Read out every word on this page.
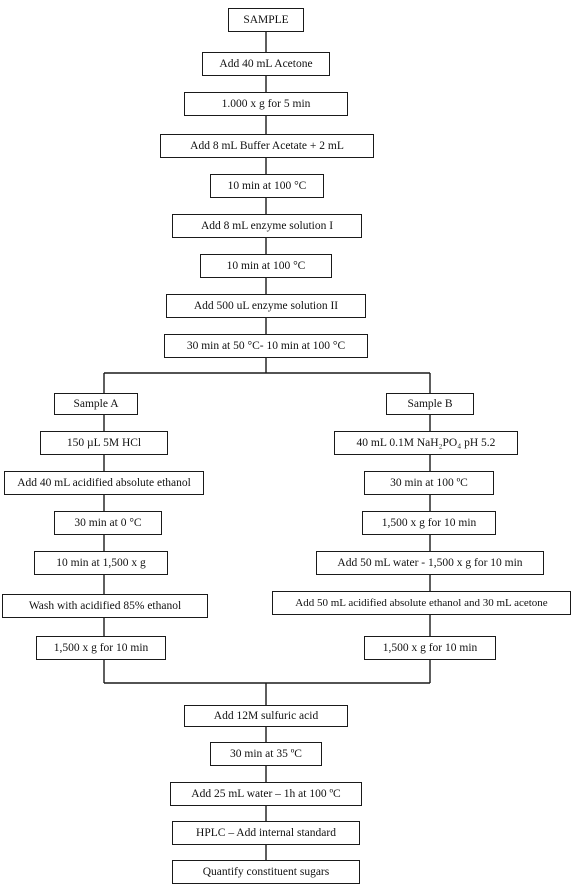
SAMPLE
Add 40 mL Acetone
1.000 x g for 5 min
Add 8 mL Buffer Acetate + 2 mL
10 min at 100 °C
Add 8 mL enzyme solution I
10 min at 100 °C
Add 500 uL enzyme solution II
30 min at 50 °C- 10 min at 100 °C
Sample A
150 µL 5M HCl
Add 40 mL acidified absolute ethanol
30 min at 0 °C
10 min at 1,500 x g
Wash with acidified 85% ethanol
1,500 x g for 10 min
Sample B
40 mL 0.1M NaH₂PO₄ pH 5.2
30 min at 100 ºC
1,500 x g for 10 min
Add 50 mL water - 1,500 x g for 10 min
Add 50 mL acidified absolute ethanol and 30 mL acetone
1,500 x g for 10 min
Add 12M sulfuric acid
30 min at 35 ºC
Add 25 mL water – 1h at 100 ºC
HPLC – Add internal standard
Quantify constituent sugars
